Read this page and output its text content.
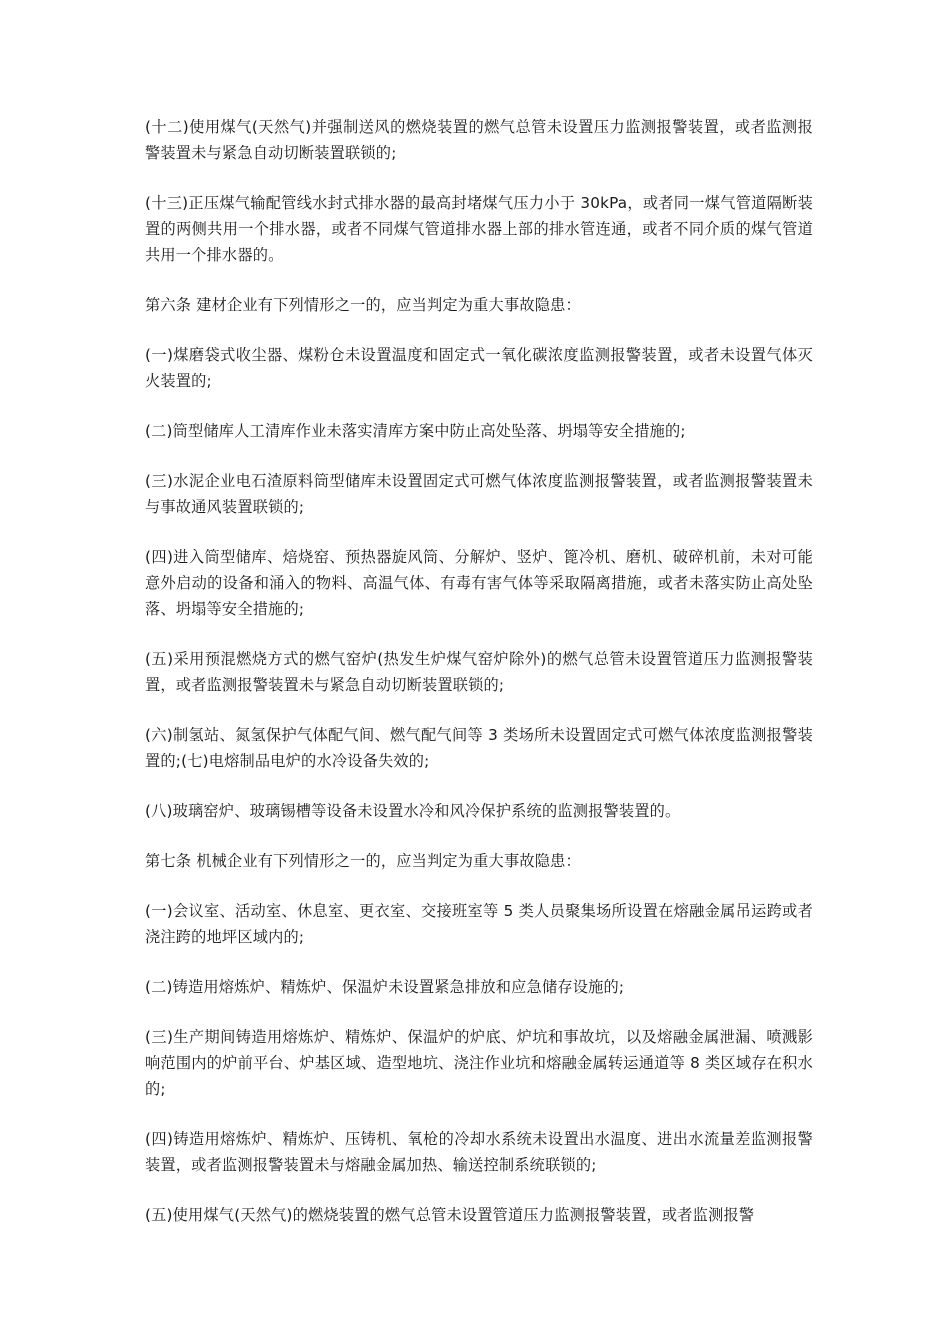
(十二)使用煤气(天然气)并强制送风的燃烧装置的燃气总管未设置压力监测报警装置，或者监测报警装置未与紧急自动切断装置联锁的;

(十三)正压煤气输配管线水封式排水器的最高封堵煤气压力小于 30kPa，或者同一煤气管道隔断装置的两侧共用一个排水器，或者不同煤气管道排水器上部的排水管连通，或者不同介质的煤气管道共用一个排水器的。

第六条 建材企业有下列情形之一的，应当判定为重大事故隐患：

(一)煤磨袋式收尘器、煤粉仓未设置温度和固定式一氧化碳浓度监测报警装置，或者未设置气体灭火装置的;

(二)筒型储库人工清库作业未落实清库方案中防止高处坠落、坍塌等安全措施的;

(三)水泥企业电石渣原料筒型储库未设置固定式可燃气体浓度监测报警装置，或者监测报警装置未与事故通风装置联锁的;

(四)进入筒型储库、焙烧窑、预热器旋风筒、分解炉、竖炉、篦冷机、磨机、破碎机前，未对可能意外启动的设备和涌入的物料、高温气体、有毒有害气体等采取隔离措施，或者未落实防止高处坠落、坍塌等安全措施的;

(五)采用预混燃烧方式的燃气窑炉(热发生炉煤气窑炉除外)的燃气总管未设置管道压力监测报警装置，或者监测报警装置未与紧急自动切断装置联锁的;

(六)制氢站、氮氢保护气体配气间、燃气配气间等 3 类场所未设置固定式可燃气体浓度监测报警装置的;(七)电熔制品电炉的水冷设备失效的;

(八)玻璃窑炉、玻璃锡槽等设备未设置水冷和风冷保护系统的监测报警装置的。

第七条 机械企业有下列情形之一的，应当判定为重大事故隐患：

(一)会议室、活动室、休息室、更衣室、交接班室等 5 类人员聚集场所设置在熔融金属吊运跨或者浇注跨的地坪区域内的;

(二)铸造用熔炼炉、精炼炉、保温炉未设置紧急排放和应急储存设施的;

(三)生产期间铸造用熔炼炉、精炼炉、保温炉的炉底、炉坑和事故坑，以及熔融金属泄漏、喷溅影响范围内的炉前平台、炉基区域、造型地坑、浇注作业坑和熔融金属转运通道等 8 类区域存在积水的;

(四)铸造用熔炼炉、精炼炉、压铸机、氧枪的冷却水系统未设置出水温度、进出水流量差监测报警装置，或者监测报警装置未与熔融金属加热、输送控制系统联锁的;

(五)使用煤气(天然气)的燃烧装置的燃气总管未设置管道压力监测报警装置，或者监测报警
